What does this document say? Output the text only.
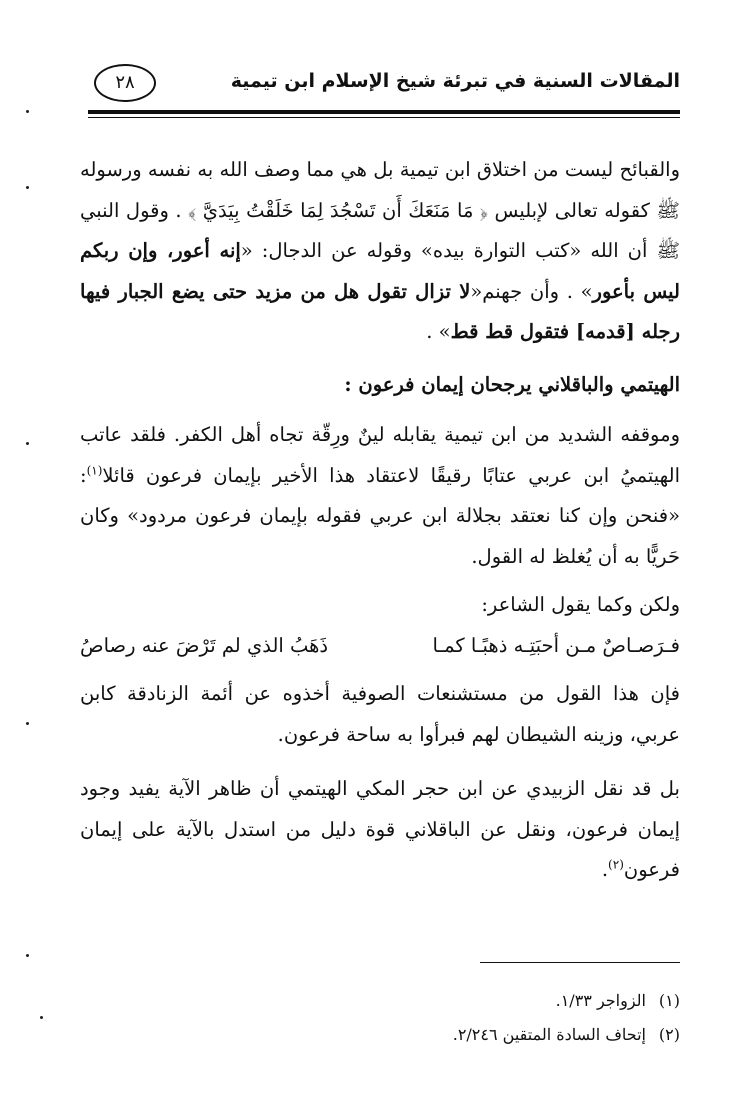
٢٨	المقالات السنية في تبرئة شيخ الإسلام ابن تيمية

والقبائح ليست من اختلاق ابن تيمية بل هي مما وصف الله به نفسه ورسوله ﷺ كقوله تعالى لإبليس ﴿ مَا مَنَعَكَ أَن تَسْجُدَ لِمَا خَلَقْتُ بِيَدَيَّ ﴾ . وقول النبي ﷺ أن الله «كتب التوارة بيده» وقوله عن الدجال: «إنه أعور، وإن ربكم ليس بأعور» . وأن جهنم«لا تزال تقول هل من مزيد حتى يضع الجبار فيها رجله [قدمه] فتقول قط قط» .

الهيتمي والباقلاني يرجحان إيمان فرعون :

وموقفه الشديد من ابن تيمية يقابله لينٌ ورِقّة تجاه أهل الكفر. فلقد عاتب الهيتميُ ابن عربي عتابًا رقيقًا لاعتقاد هذا الأخير بإيمان فرعون قائلا$^{(١)}$: «فنحن وإن كنا نعتقد بجلالة ابن عربي فقوله بإيمان فرعون مردود» وكان حَريًّا به أن يُغلظ له القول.

ولكن وكما يقول الشاعر:

فـرَصـاصٌ مـن أحبَتِـه ذهبًـا كمـا
ذَهَبُ الذي لم تَرْضَ عنه رصاصُ

فإن هذا القول من مستشنعات الصوفية أخذوه عن أئمة الزنادقة كابن عربي، وزينه الشيطان لهم فبرأوا به ساحة فرعون.

بل قد نقل الزبيدي عن ابن حجر المكي الهيتمي أن ظاهر الآية يفيد وجود إيمان فرعون، ونقل عن الباقلاني قوة دليل من استدل بالآية على إيمان فرعون$^{(٢)}$.

(١)الزواجر ١/٣٣.

(٢)إتحاف السادة المتقين ٢/٢٤٦.
